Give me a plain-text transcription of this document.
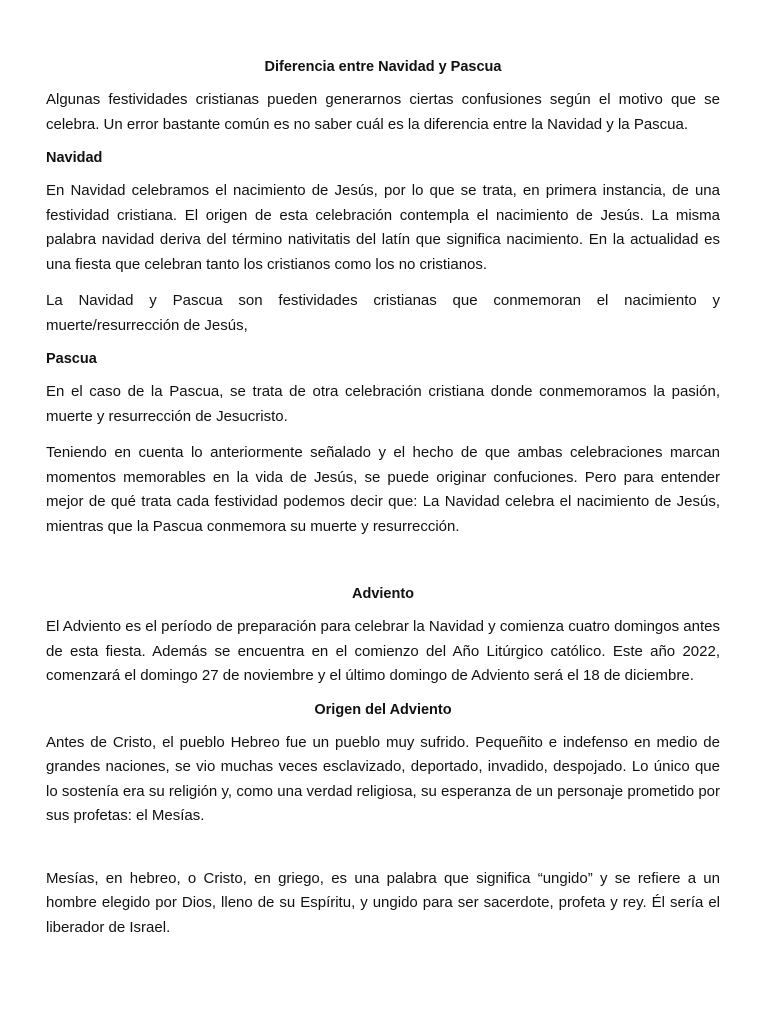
Diferencia entre Navidad y Pascua

Algunas festividades cristianas pueden generarnos ciertas confusiones según el motivo que se celebra. Un error bastante común es no saber cuál es la diferencia entre la Navidad y la Pascua.

Navidad

En Navidad celebramos el nacimiento de Jesús, por lo que se trata, en primera instancia, de una festividad cristiana. El origen de esta celebración contempla el nacimiento de Jesús. La misma palabra navidad deriva del término nativitatis del latín que significa nacimiento. En la actualidad es una fiesta que celebran tanto los cristianos como los no cristianos.

La Navidad y Pascua son festividades cristianas que conmemoran el nacimiento y muerte/resurrección de Jesús,

Pascua

En el caso de la Pascua, se trata de otra celebración cristiana donde conmemoramos la pasión, muerte y resurrección de Jesucristo.

Teniendo en cuenta lo anteriormente señalado y el hecho de que ambas celebraciones marcan momentos memorables en la vida de Jesús, se puede originar confuciones. Pero para entender mejor de qué trata cada festividad podemos decir que: La Navidad celebra el nacimiento de Jesús, mientras que la Pascua conmemora su muerte y resurrección.

Adviento

El Adviento es el período de preparación para celebrar la Navidad y comienza cuatro domingos antes de esta fiesta. Además se encuentra en el comienzo del Año Litúrgico católico. Este año 2022, comenzará el domingo 27 de noviembre y el último domingo de Adviento será el 18 de diciembre.

Origen del Adviento

Antes de Cristo, el pueblo Hebreo fue un pueblo muy sufrido. Pequeñito e indefenso en medio de grandes naciones, se vio muchas veces esclavizado, deportado, invadido, despojado. Lo único que lo sostenía era su religión y, como una verdad religiosa, su esperanza de un personaje prometido por sus profetas: el Mesías.

Mesías, en hebreo, o Cristo, en griego, es una palabra que significa “ungido” y se refiere a un hombre elegido por Dios, lleno de su Espíritu, y ungido para ser sacerdote, profeta y rey. Él sería el liberador de Israel.
